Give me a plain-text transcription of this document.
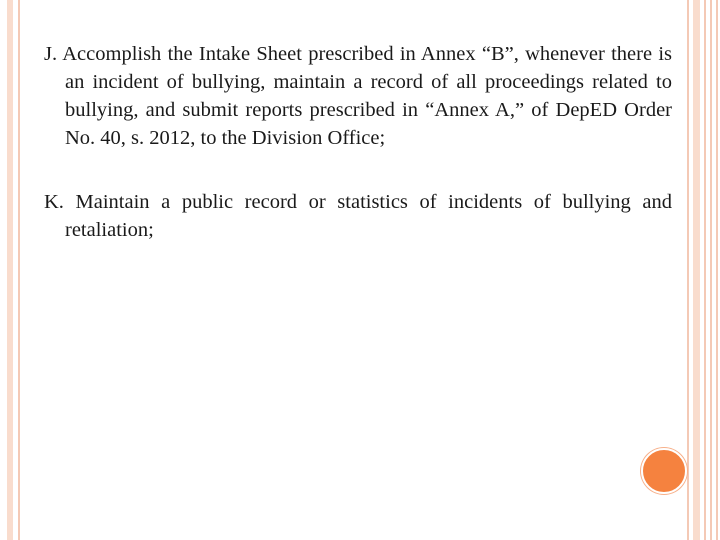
J. Accomplish the Intake Sheet prescribed in Annex “B”, whenever there is an incident of bullying, maintain a record of all proceedings related to bullying, and submit reports prescribed in “Annex A,” of DepED Order No. 40, s. 2012, to the Division Office;

K. Maintain a public record or statistics of incidents of bullying and retaliation;
